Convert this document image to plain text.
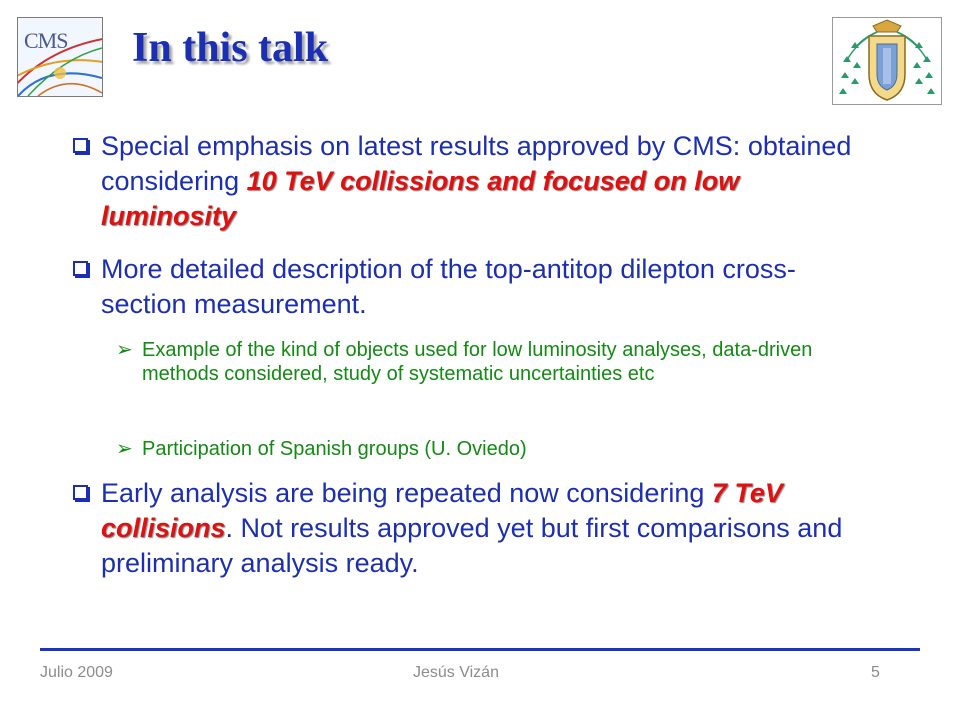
CMS In this talk
Special emphasis on latest results approved by CMS: obtained considering 10 TeV collissions and focused on low luminosity
More detailed description of the top-antitop dilepton cross-section measurement.
➢ Example of the kind of objects used for low luminosity analyses, data-driven methods considered, study of systematic uncertainties etc
➢ Participation of Spanish groups (U. Oviedo)
Early analysis are being repeated now considering 7 TeV collisions. Not results approved yet but first comparisons and preliminary analysis ready.
Julio 2009	Jesús Vizán	5
